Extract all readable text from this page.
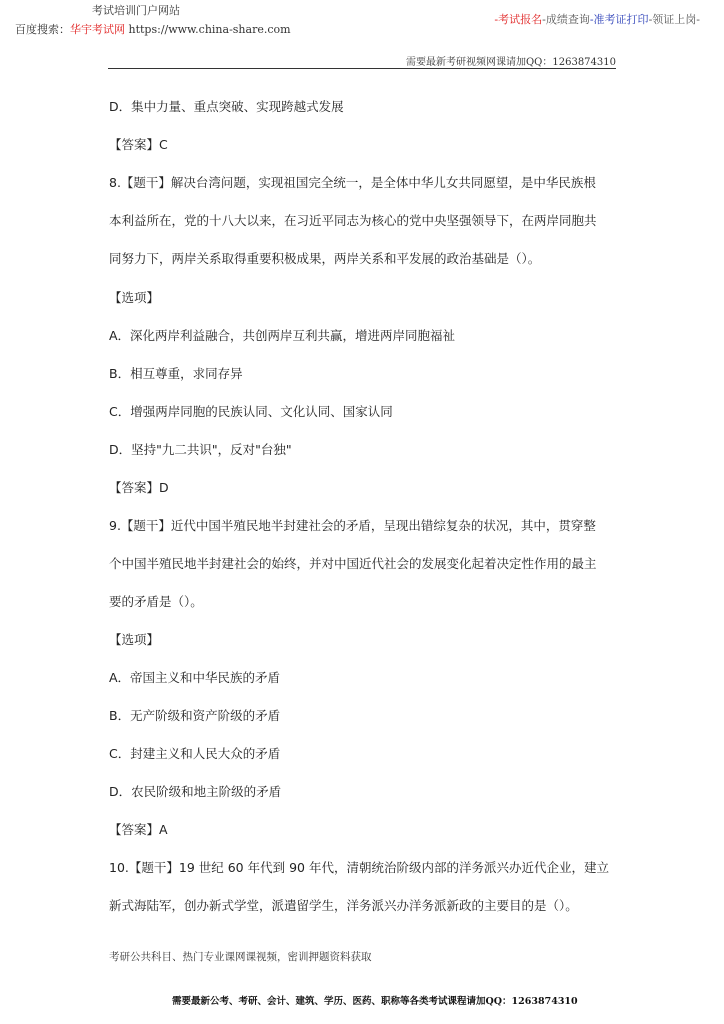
考试培训门户网站
百度搜索：华宇考试网 https://www.china-share.com
-考试报名-成绩查询-准考证打印-领证上岗-
需要最新考研视频网课请加QQ：1263874310
D．集中力量、重点突破、实现跨越式发展
【答案】C
8.【题干】解决台湾问题，实现祖国完全统一，是全体中华儿女共同愿望，是中华民族根
本利益所在，党的十八大以来，在习近平同志为核心的党中央坚强领导下，在两岸同胞共
同努力下，两岸关系取得重要积极成果，两岸关系和平发展的政治基础是（）。
【选项】
A．深化两岸利益融合，共创两岸互利共赢，增进两岸同胞福祉
B．相互尊重，求同存异
C．增强两岸同胞的民族认同、文化认同、国家认同
D．坚持"九二共识"，反对"台独"
【答案】D
9.【题干】近代中国半殖民地半封建社会的矛盾，呈现出错综复杂的状况，其中，贯穿整
个中国半殖民地半封建社会的始终，并对中国近代社会的发展变化起着决定性作用的最主
要的矛盾是（）。
【选项】
A．帝国主义和中华民族的矛盾
B．无产阶级和资产阶级的矛盾
C．封建主义和人民大众的矛盾
D．农民阶级和地主阶级的矛盾
【答案】A
10.【题干】19 世纪 60 年代到 90 年代，清朝统治阶级内部的洋务派兴办近代企业，建立
新式海陆军，创办新式学堂，派遣留学生，洋务派兴办洋务派新政的主要目的是（）。
考研公共科目、热门专业课网课视频，密训押题资料获取
需要最新公考、考研、会计、建筑、学历、医药、职称等各类考试课程请加QQ：1263874310
